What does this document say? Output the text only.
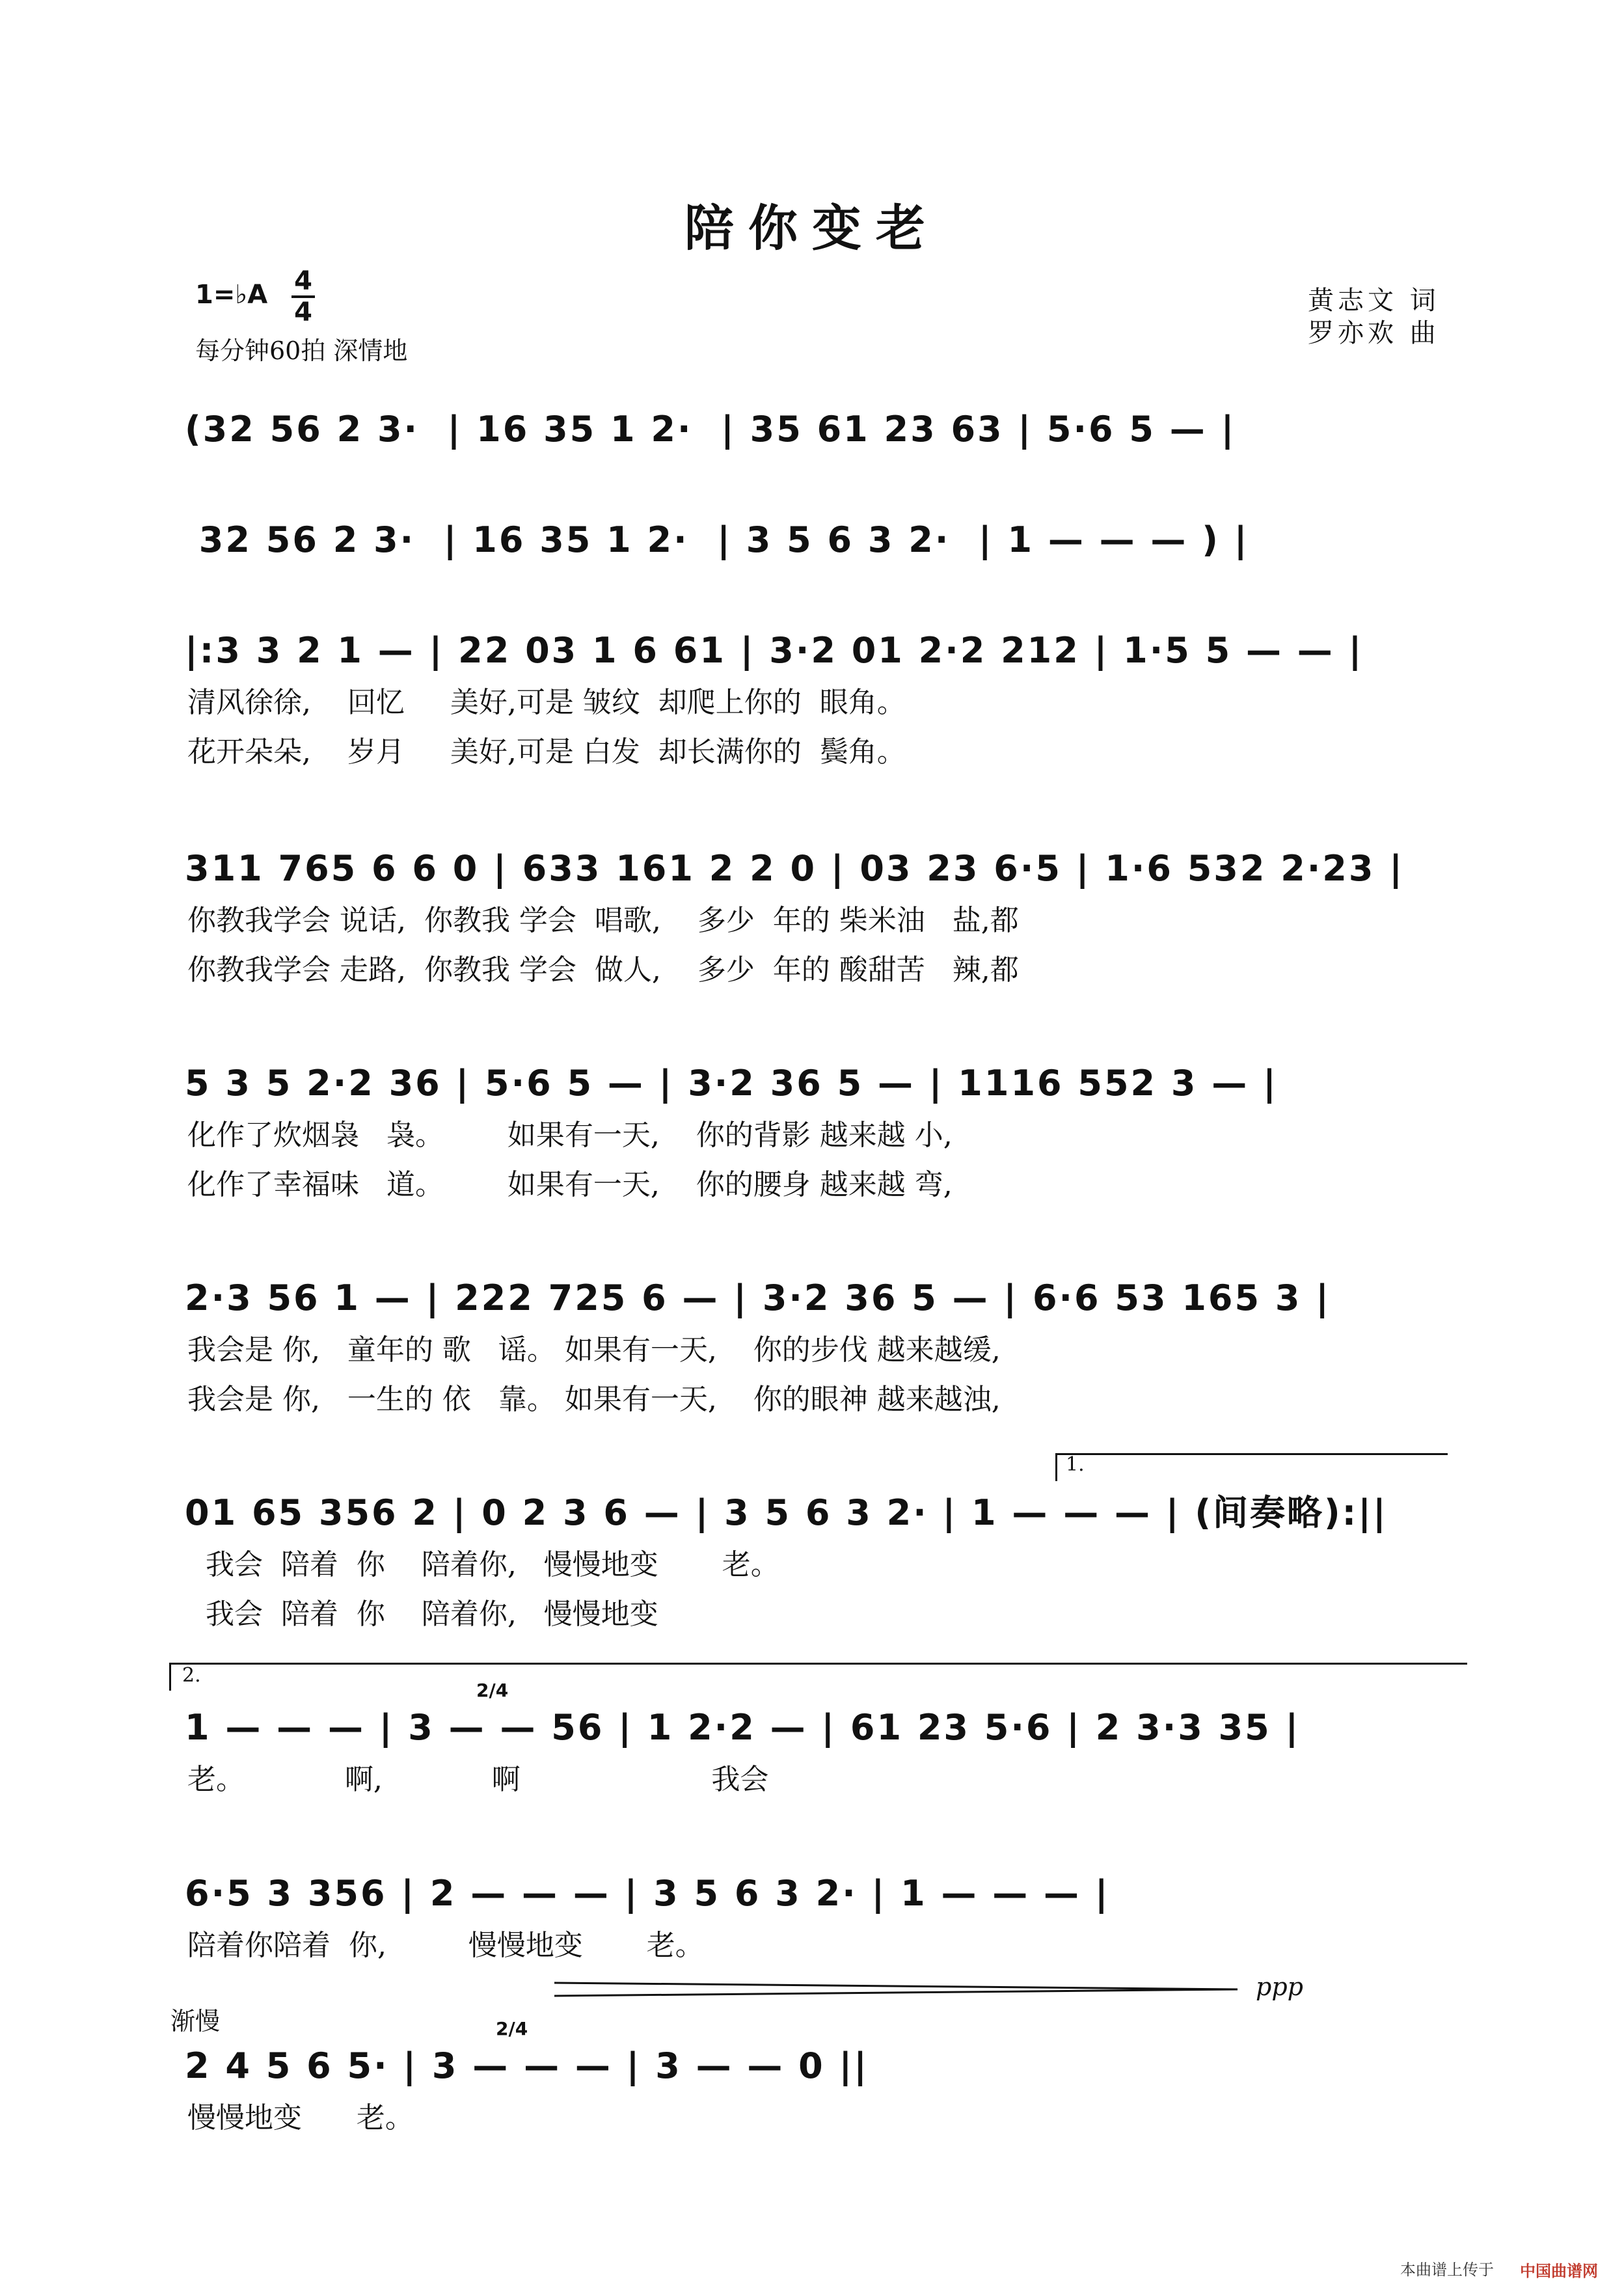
陪你变老
1=♭A 4
4
每分钟60拍 深情地
黄志文 词
罗亦欢 曲
(32 56 2 3·  | 16 35 1 2·  | 35 61 23 63 | 5·6 5 — |
32 56 2 3·  | 16 35 1 2·  | 3 5 6 3 2·  | 1 — — — ) |
|:3 3 2 1 — | 22 03 1 6 61 | 3·2 01 2·2 212 | 1·5 5 — — |
清风徐徐,    回忆     美好,可是 皱纹  却爬上你的  眼角。
花开朵朵,    岁月     美好,可是 白发  却长满你的  鬓角。
311 765 6 6 0 | 633 161 2 2 0 | 03 23 6·5 | 1·6 532 2·23 |
你教我学会 说话,  你教我 学会  唱歌,    多少  年的 柴米油   盐,都
你教我学会 走路,  你教我 学会  做人,    多少  年的 酸甜苦   辣,都
5 3 5 2·2 36 | 5·6 5 — | 3·2 36 5 — | 1116 552 3 — |
化作了炊烟袅   袅。       如果有一天,    你的背影 越来越 小,
化作了幸福味   道。       如果有一天,    你的腰身 越来越 弯,
2·3 56 1 — | 222 725 6 — | 3·2 36 5 — | 6·6 53 165 3 |
我会是 你,   童年的 歌   谣。 如果有一天,    你的步伐 越来越缓,
我会是 你,   一生的 依   靠。 如果有一天,    你的眼神 越来越浊,
1.
01 65 356 2 | 0 2 3 6 — | 3 5 6 3 2· | 1 — — — | (间奏略):||
我会  陪着  你    陪着你,   慢慢地变       老。
我会  陪着  你    陪着你,   慢慢地变
2.
1 — — — | 3 — — 56 | 1 2·2 — | 61 23 5·6 | 2 3·3 35 |
2/4
老。           啊,            啊                     我会
6·5 3 356 | 2 — — — | 3 5 6 3 2· | 1 — — — |
陪着你陪着  你,         慢慢地变       老。
渐慢
ppp
2 4 5 6 5· | 3 — — — | 3 — — 0 ||
2/4
慢慢地变      老。
本曲谱上传于 中国曲谱网
